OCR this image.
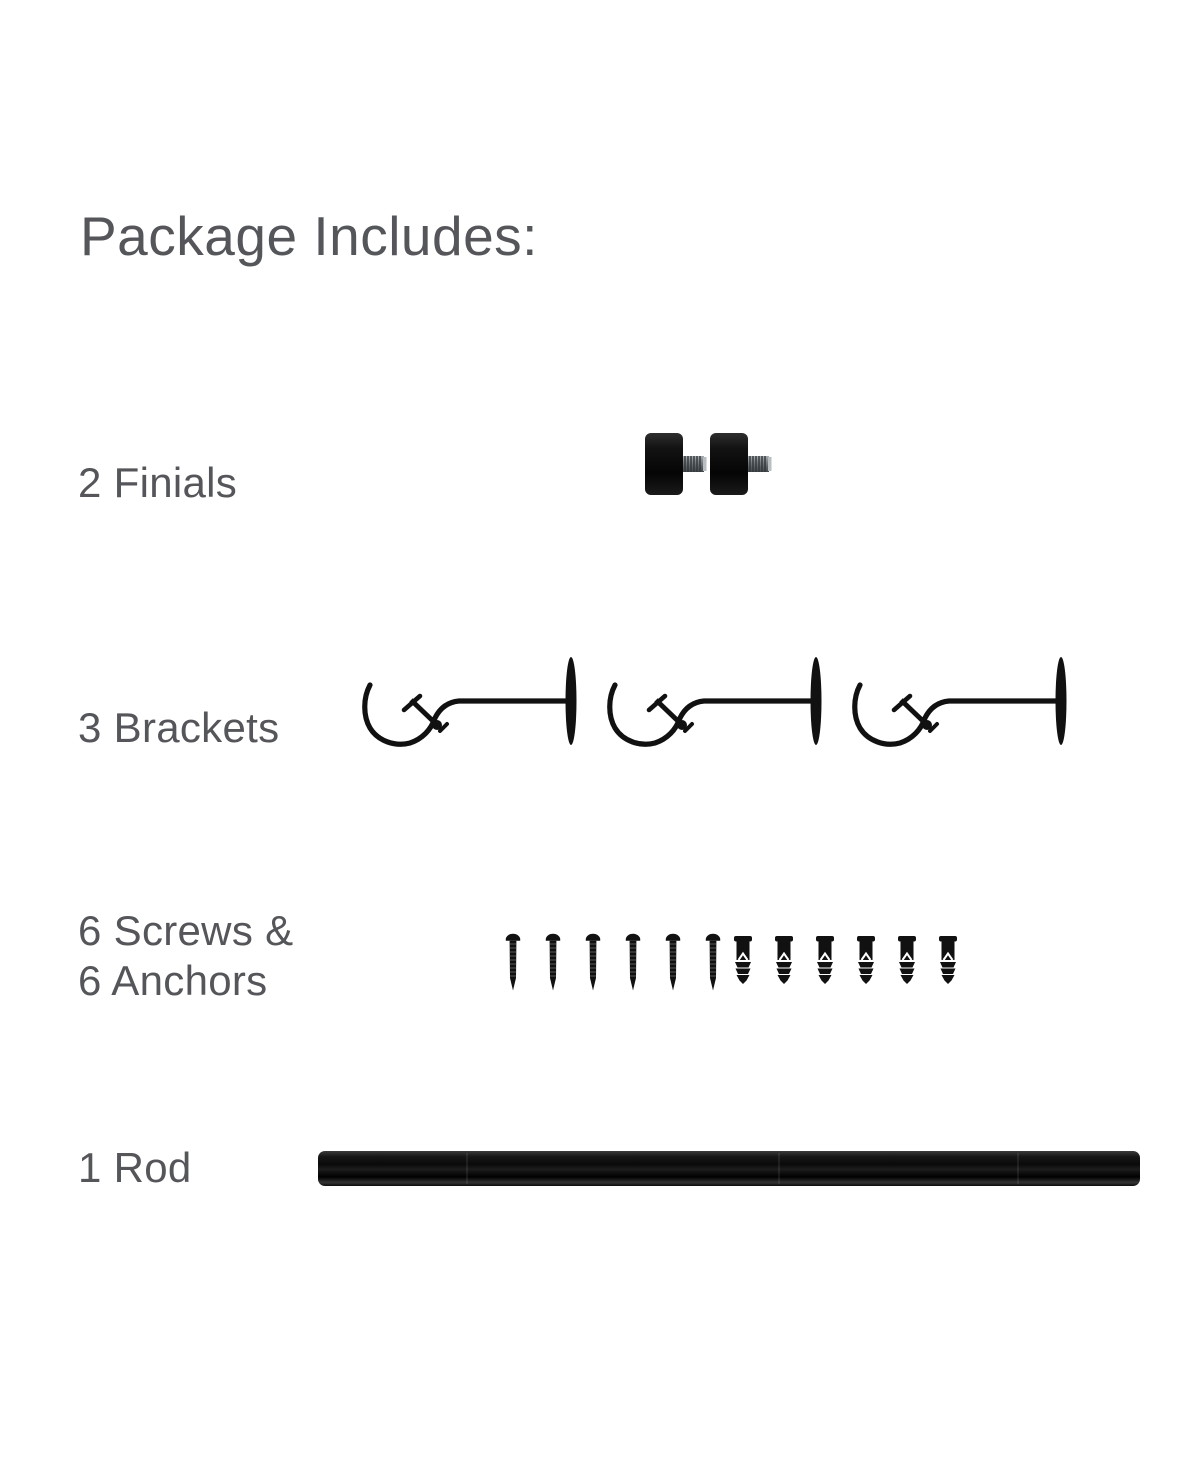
Package Includes:
2 Finials
3 Brackets
6 Screws &
6 Anchors
1 Rod
